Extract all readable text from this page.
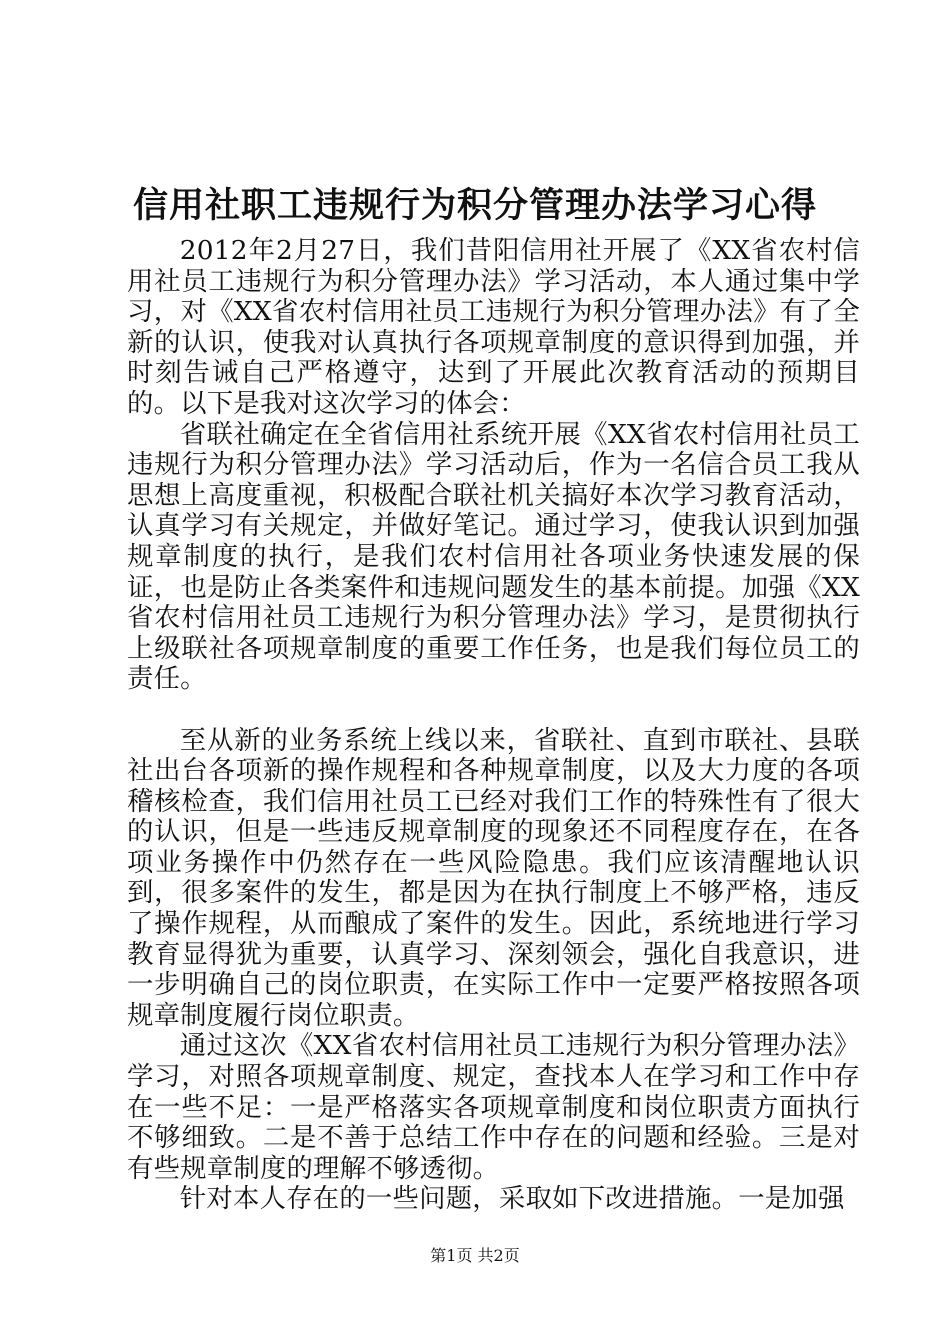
信用社职工违规行为积分管理办法学习心得

2012年2月27日，我们昔阳信用社开展了《XX省农村信用社员工违规行为积分管理办法》学习活动，本人通过集中学习，对《XX省农村信用社员工违规行为积分管理办法》有了全新的认识，使我对认真执行各项规章制度的意识得到加强，并时刻告诫自己严格遵守，达到了开展此次教育活动的预期目的。以下是我对这次学习的体会：

省联社确定在全省信用社系统开展《XX省农村信用社员工违规行为积分管理办法》学习活动后，作为一名信合员工我从思想上高度重视，积极配合联社机关搞好本次学习教育活动，认真学习有关规定，并做好笔记。通过学习，使我认识到加强规章制度的执行，是我们农村信用社各项业务快速发展的保证，也是防止各类案件和违规问题发生的基本前提。加强《XX省农村信用社员工违规行为积分管理办法》学习，是贯彻执行上级联社各项规章制度的重要工作任务，也是我们每位员工的责任。

至从新的业务系统上线以来，省联社、直到市联社、县联社出台各项新的操作规程和各种规章制度，以及大力度的各项稽核检查，我们信用社员工已经对我们工作的特殊性有了很大的认识，但是一些违反规章制度的现象还不同程度存在，在各项业务操作中仍然存在一些风险隐患。我们应该清醒地认识到，很多案件的发生，都是因为在执行制度上不够严格，违反了操作规程，从而酿成了案件的发生。因此，系统地进行学习教育显得犹为重要，认真学习、深刻领会，强化自我意识，进一步明确自己的岗位职责，在实际工作中一定要严格按照各项规章制度履行岗位职责。

通过这次《XX省农村信用社员工违规行为积分管理办法》学习，对照各项规章制度、规定，查找本人在学习和工作中存在一些不足：一是严格落实各项规章制度和岗位职责方面执行不够细致。二是不善于总结工作中存在的问题和经验。三是对有些规章制度的理解不够透彻。

针对本人存在的一些问题，采取如下改进措施。一是加强

第1页 共2页
